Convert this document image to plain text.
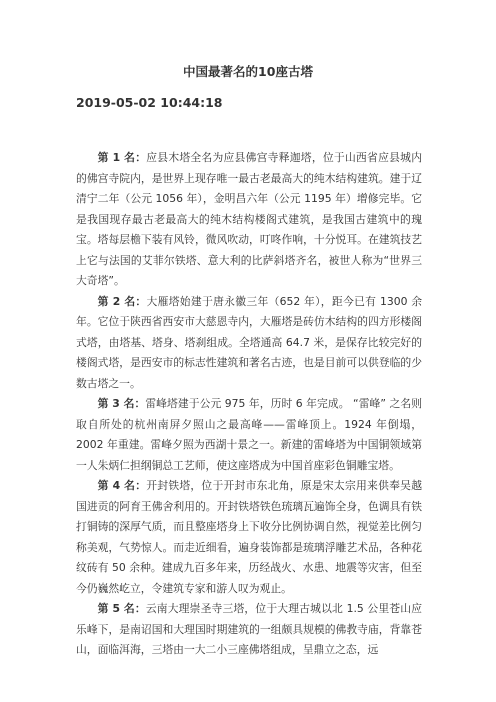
中国最著名的10座古塔
2019-05-02 10:44:18

第 1 名：应县木塔全名为应县佛宫寺释迦塔，位于山西省应县城内的佛宫寺院内，是世界上现存唯一最古老最高大的纯木结构建筑。建于辽清宁二年（公元 1056 年），金明昌六年（公元 1195 年）增修完毕。它是我国现存最古老最高大的纯木结构楼阁式建筑，是我国古建筑中的瑰宝。塔每层檐下装有风铃，微风吹动，叮咚作响，十分悦耳。在建筑技艺上它与法国的艾菲尔铁塔、意大利的比萨斜塔齐名，被世人称为“世界三大奇塔”。

第 2 名：大雁塔始建于唐永徽三年（652 年），距今已有 1300 余年。它位于陕西省西安市大慈恩寺内，大雁塔是砖仿木结构的四方形楼阁式塔，由塔基、塔身、塔刹组成。全塔通高 64.7 米，是保存比较完好的楼阁式塔，是西安市的标志性建筑和著名古迹，也是目前可以供登临的少数古塔之一。

第 3 名：雷峰塔建于公元 975 年，历时 6 年完成。 “雷峰” 之名则取自所处的杭州南屏夕照山之最高峰——雷峰顶上。1924 年倒塌，2002 年重建。雷峰夕照为西湖十景之一。新建的雷峰塔为中国铜领域第一人朱炳仁担纲铜总工艺师，使这座塔成为中国首座彩色铜雕宝塔。

第 4 名：开封铁塔，位于开封市东北角，原是宋太宗用来供奉吴越国进贡的阿育王佛舍利用的。开封铁塔铁色琉璃瓦遍饰全身，色调具有铁打铜铸的深厚气质，而且整座塔身上下收分比例协调自然，视觉差比例匀称美观，气势惊人。而走近细看，遍身装饰都是琉璃浮雕艺术品，各种花纹砖有 50 余种。建成九百多年来，历经战火、水患、地震等灾害，但至今仍巍然屹立，令建筑专家和游人叹为观止。

第 5 名：云南大理崇圣寺三塔，位于大理古城以北 1.5 公里苍山应乐峰下，是南诏国和大理国时期建筑的一组颇具规模的佛教寺庙，背靠苍山，面临洱海，三塔由一大二小三座佛塔组成，呈鼎立之态，远
